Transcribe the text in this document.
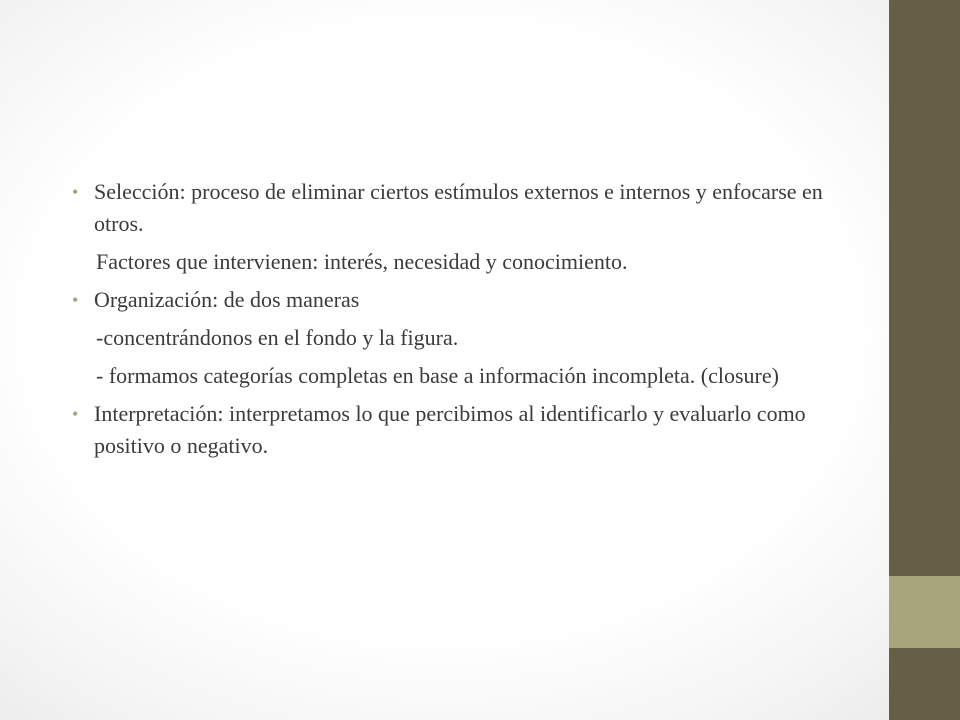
• Selección: proceso de eliminar ciertos estímulos externos e internos y enfocarse en otros.
Factores que intervienen: interés, necesidad y conocimiento.
• Organización: de dos maneras
-concentrándonos en el fondo y la figura.
- formamos categorías completas en base a información incompleta. (closure)
• Interpretación: interpretamos lo que percibimos al identificarlo y evaluarlo como positivo o negativo.
